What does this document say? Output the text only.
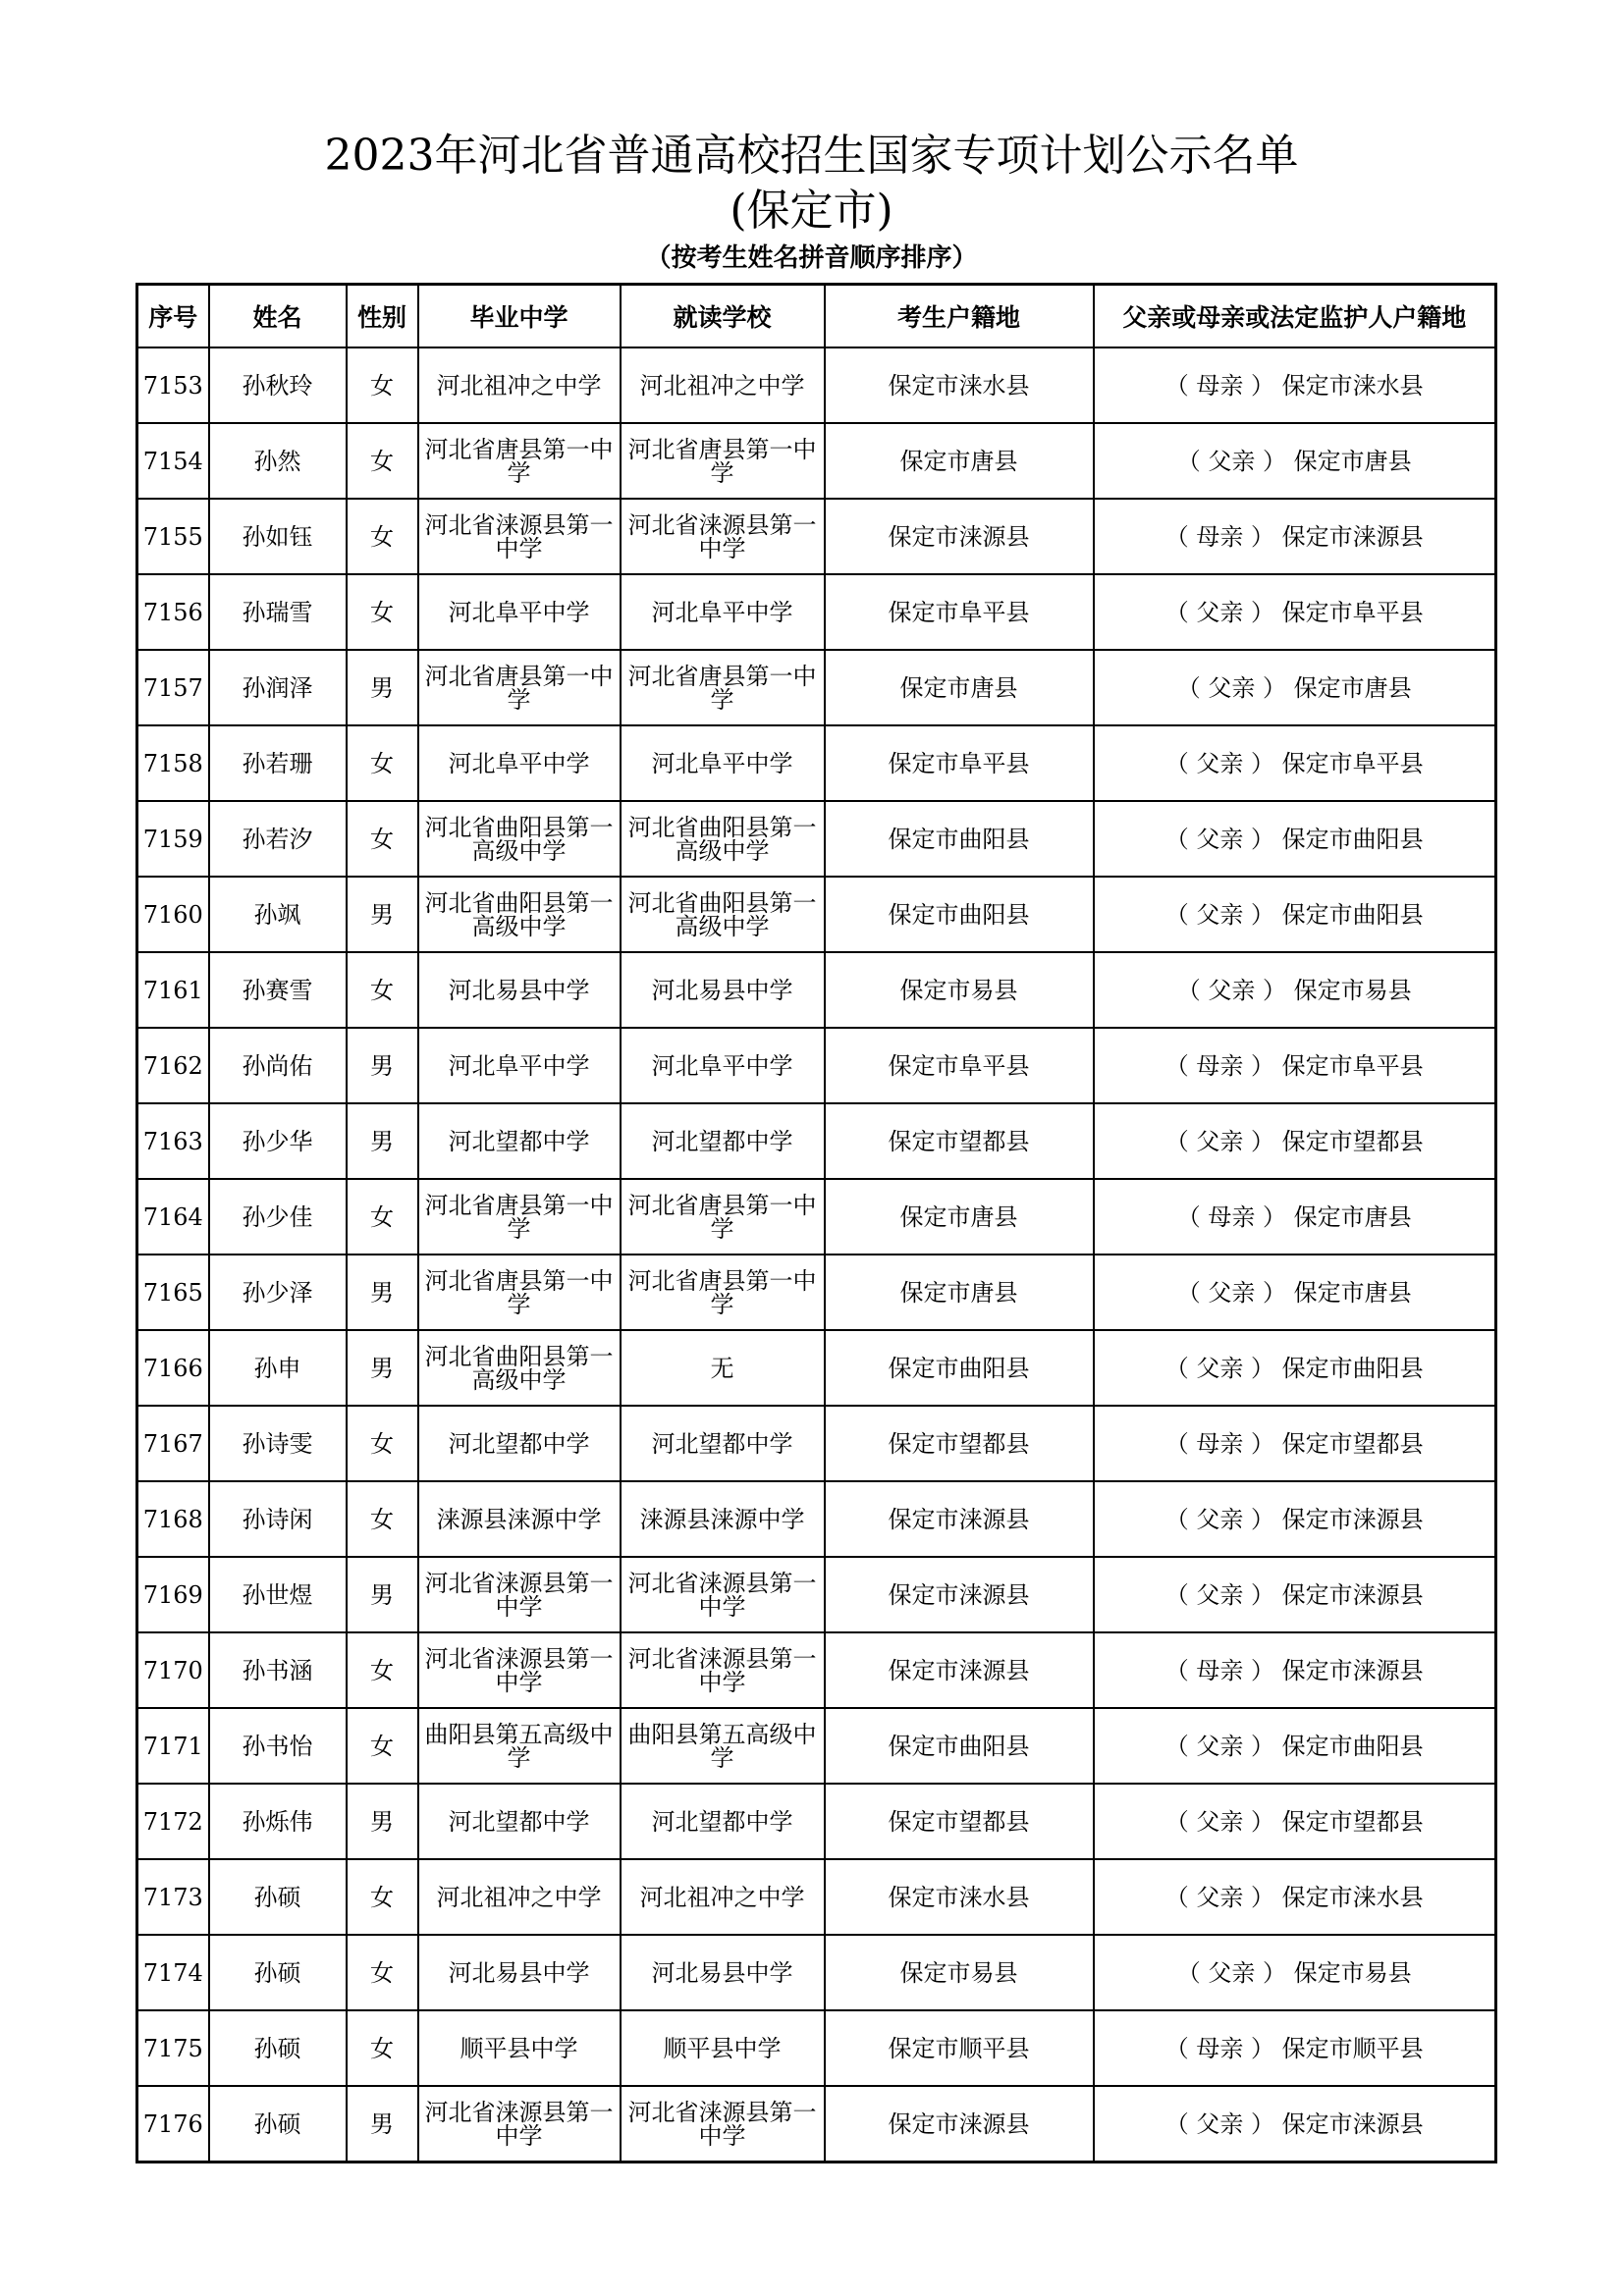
2023年河北省普通高校招生国家专项计划公示名单
(保定市)
（按考生姓名拼音顺序排序）
序号	姓名	性别	毕业中学	就读学校	考生户籍地	父亲或母亲或法定监护人户籍地
7153	孙秋玲	女	河北祖冲之中学	河北祖冲之中学	保定市涞水县	（ 母亲 ） 保定市涞水县
7154	孙然	女	河北省唐县第一中学	河北省唐县第一中学	保定市唐县	（ 父亲 ） 保定市唐县
7155	孙如钰	女	河北省涞源县第一中学	河北省涞源县第一中学	保定市涞源县	（ 母亲 ） 保定市涞源县
7156	孙瑞雪	女	河北阜平中学	河北阜平中学	保定市阜平县	（ 父亲 ） 保定市阜平县
7157	孙润泽	男	河北省唐县第一中学	河北省唐县第一中学	保定市唐县	（ 父亲 ） 保定市唐县
7158	孙若珊	女	河北阜平中学	河北阜平中学	保定市阜平县	（ 父亲 ） 保定市阜平县
7159	孙若汐	女	河北省曲阳县第一高级中学	河北省曲阳县第一高级中学	保定市曲阳县	（ 父亲 ） 保定市曲阳县
7160	孙飒	男	河北省曲阳县第一高级中学	河北省曲阳县第一高级中学	保定市曲阳县	（ 父亲 ） 保定市曲阳县
7161	孙赛雪	女	河北易县中学	河北易县中学	保定市易县	（ 父亲 ） 保定市易县
7162	孙尚佑	男	河北阜平中学	河北阜平中学	保定市阜平县	（ 母亲 ） 保定市阜平县
7163	孙少华	男	河北望都中学	河北望都中学	保定市望都县	（ 父亲 ） 保定市望都县
7164	孙少佳	女	河北省唐县第一中学	河北省唐县第一中学	保定市唐县	（ 母亲 ） 保定市唐县
7165	孙少泽	男	河北省唐县第一中学	河北省唐县第一中学	保定市唐县	（ 父亲 ） 保定市唐县
7166	孙申	男	河北省曲阳县第一高级中学	无	保定市曲阳县	（ 父亲 ） 保定市曲阳县
7167	孙诗雯	女	河北望都中学	河北望都中学	保定市望都县	（ 母亲 ） 保定市望都县
7168	孙诗闲	女	涞源县涞源中学	涞源县涞源中学	保定市涞源县	（ 父亲 ） 保定市涞源县
7169	孙世煜	男	河北省涞源县第一中学	河北省涞源县第一中学	保定市涞源县	（ 父亲 ） 保定市涞源县
7170	孙书涵	女	河北省涞源县第一中学	河北省涞源县第一中学	保定市涞源县	（ 母亲 ） 保定市涞源县
7171	孙书怡	女	曲阳县第五高级中学	曲阳县第五高级中学	保定市曲阳县	（ 父亲 ） 保定市曲阳县
7172	孙烁伟	男	河北望都中学	河北望都中学	保定市望都县	（ 父亲 ） 保定市望都县
7173	孙硕	女	河北祖冲之中学	河北祖冲之中学	保定市涞水县	（ 父亲 ） 保定市涞水县
7174	孙硕	女	河北易县中学	河北易县中学	保定市易县	（ 父亲 ） 保定市易县
7175	孙硕	女	顺平县中学	顺平县中学	保定市顺平县	（ 母亲 ） 保定市顺平县
7176	孙硕	男	河北省涞源县第一中学	河北省涞源县第一中学	保定市涞源县	（ 父亲 ） 保定市涞源县
